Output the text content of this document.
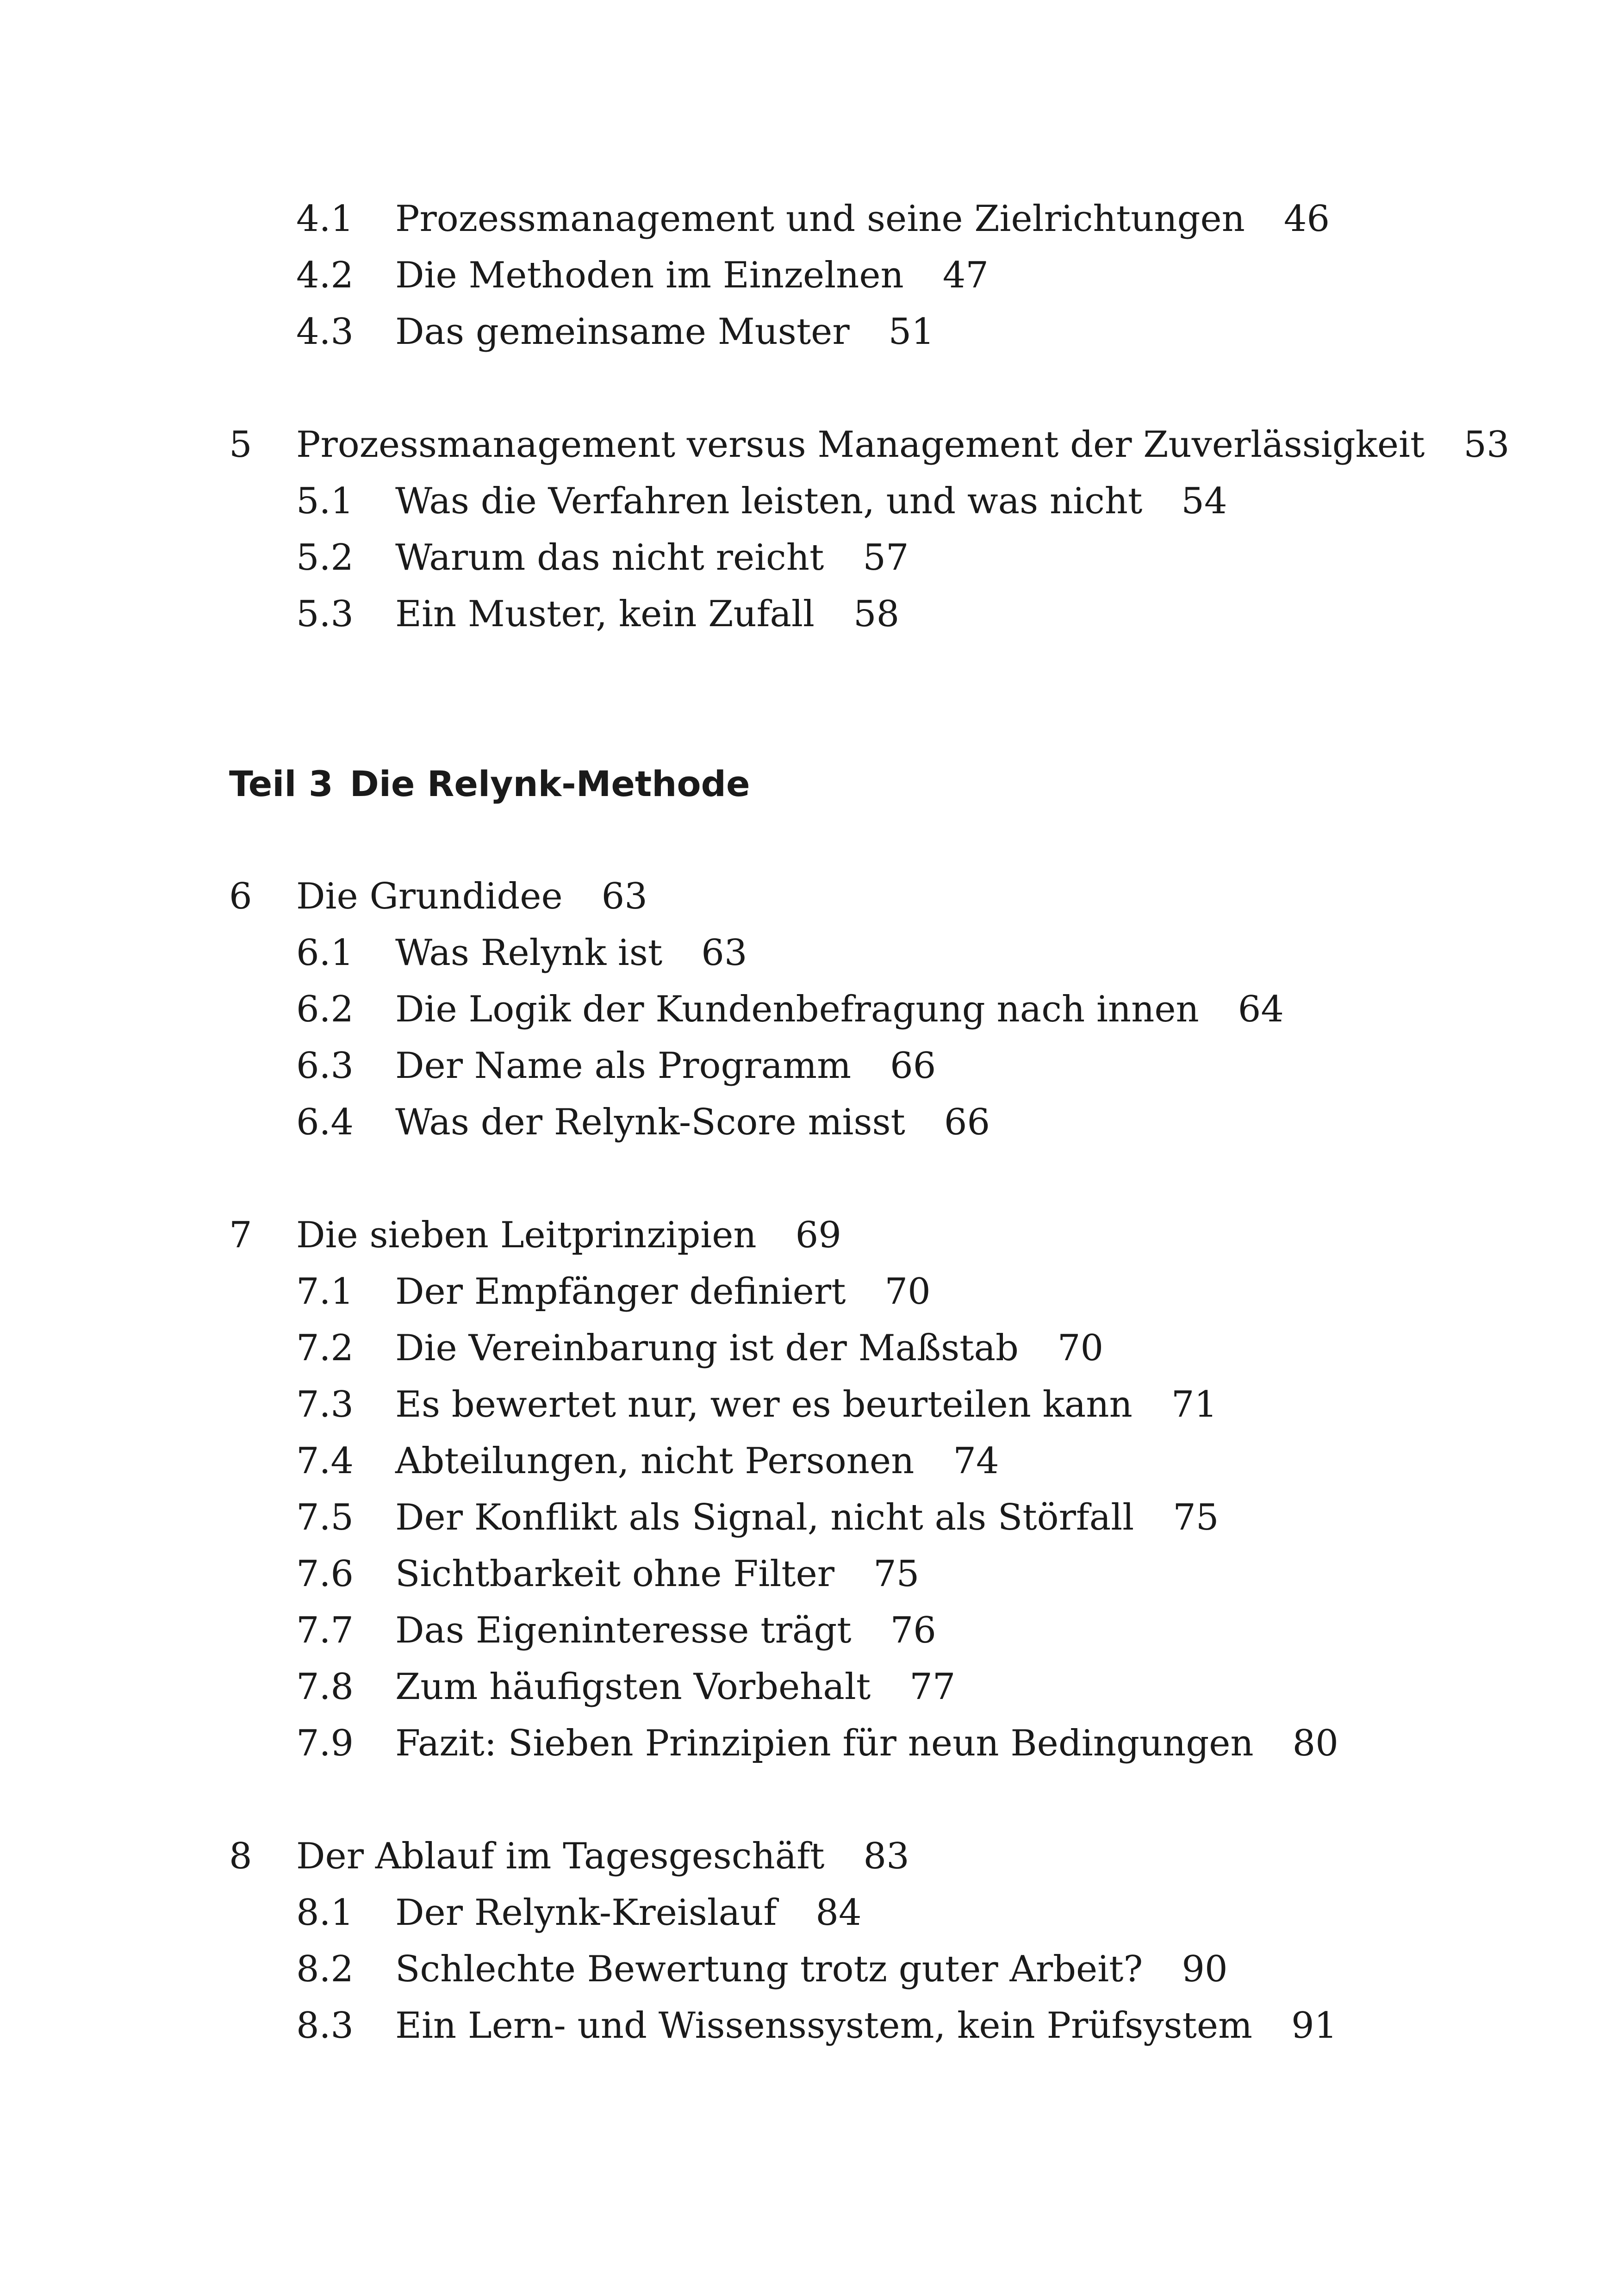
4.1 Prozessmanagement und seine Zielrichtungen 46
4.2 Die Methoden im Einzelnen 47
4.3 Das gemeinsame Muster 51
5 Prozessmanagement versus Management der Zuverlässigkeit 53
5.1 Was die Verfahren leisten, und was nicht 54
5.2 Warum das nicht reicht 57
5.3 Ein Muster, kein Zufall 58
Teil 3 Die Relynk-Methode
6 Die Grundidee 63
6.1 Was Relynk ist 63
6.2 Die Logik der Kundenbefragung nach innen 64
6.3 Der Name als Programm 66
6.4 Was der Relynk-Score misst 66
7 Die sieben Leitprinzipien 69
7.1 Der Empfänger definiert 70
7.2 Die Vereinbarung ist der Maßstab 70
7.3 Es bewertet nur, wer es beurteilen kann 71
7.4 Abteilungen, nicht Personen 74
7.5 Der Konflikt als Signal, nicht als Störfall 75
7.6 Sichtbarkeit ohne Filter 75
7.7 Das Eigeninteresse trägt 76
7.8 Zum häufigsten Vorbehalt 77
7.9 Fazit: Sieben Prinzipien für neun Bedingungen 80
8 Der Ablauf im Tagesgeschäft 83
8.1 Der Relynk-Kreislauf 84
8.2 Schlechte Bewertung trotz guter Arbeit? 90
8.3 Ein Lern- und Wissenssystem, kein Prüfsystem 91
